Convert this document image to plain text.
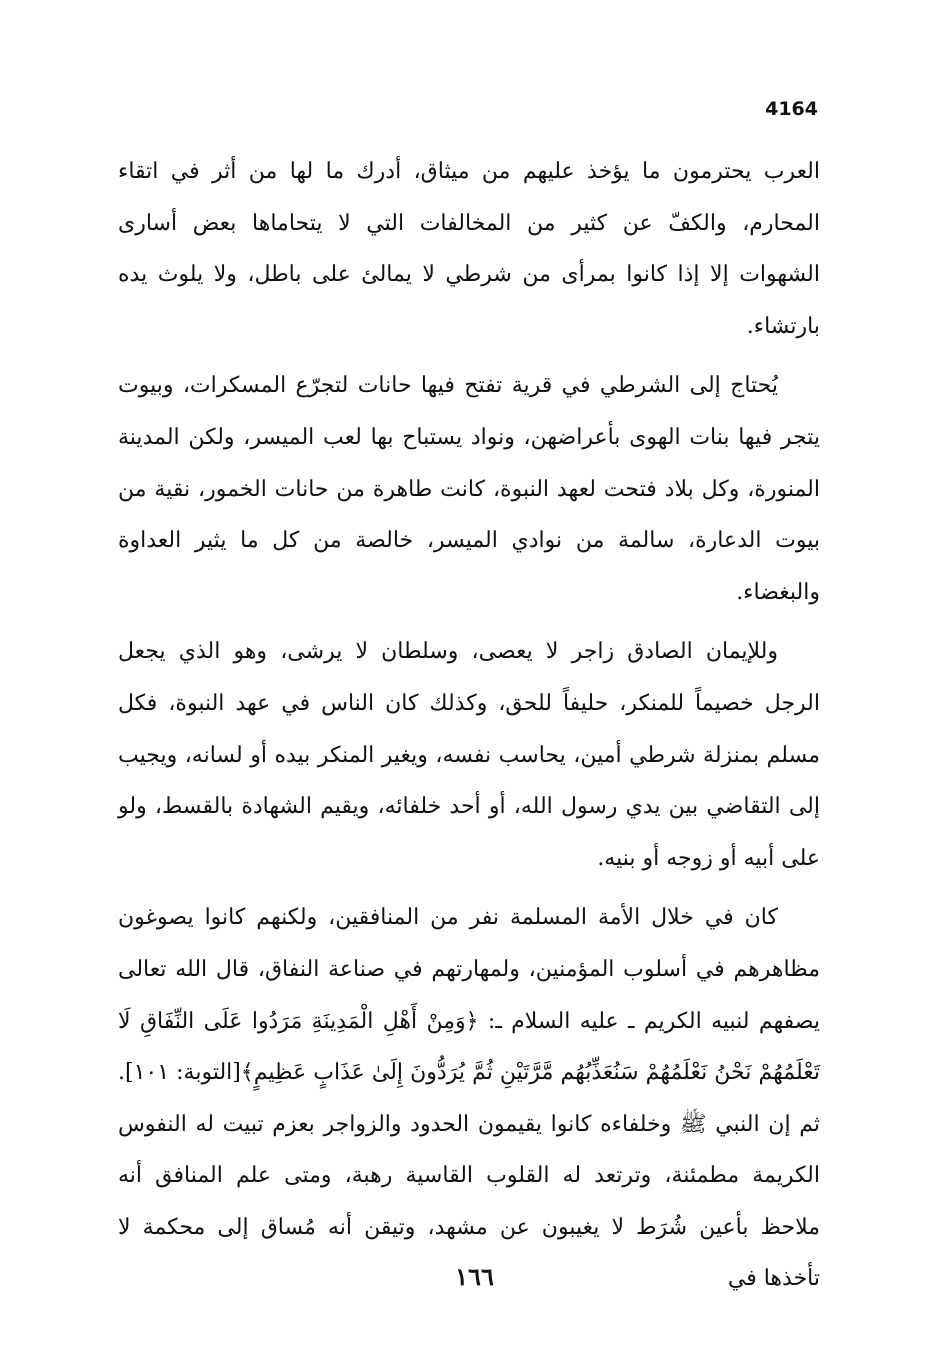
4164

العرب يحترمون ما يؤخذ عليهم من ميثاق، أدرك ما لها من أثر في اتقاء المحارم، والكفّ عن كثير من المخالفات التي لا يتحاماها بعض أسارى الشهوات إلا إذا كانوا بمرأى من شرطي لا يمالئ على باطل، ولا يلوث يده بارتشاء.

يُحتاج إلى الشرطي في قرية تفتح فيها حانات لتجرّع المسكرات، وبيوت يتجر فيها بنات الهوى بأعراضهن، ونواد يستباح بها لعب الميسر، ولكن المدينة المنورة، وكل بلاد فتحت لعهد النبوة، كانت طاهرة من حانات الخمور، نقية من بيوت الدعارة، سالمة من نوادي الميسر، خالصة من كل ما يثير العداوة والبغضاء.

وللإيمان الصادق زاجر لا يعصى، وسلطان لا يرشى، وهو الذي يجعل الرجل خصيماً للمنكر، حليفاً للحق، وكذلك كان الناس في عهد النبوة، فكل مسلم بمنزلة شرطي أمين، يحاسب نفسه، ويغير المنكر بيده أو لسانه، ويجيب إلى التقاضي بين يدي رسول الله، أو أحد خلفائه، ويقيم الشهادة بالقسط، ولو على أبيه أو زوجه أو بنيه.

كان في خلال الأمة المسلمة نفر من المنافقين، ولكنهم كانوا يصوغون مظاهرهم في أسلوب المؤمنين، ولمهارتهم في صناعة النفاق، قال الله تعالى يصفهم لنبيه الكريم ـ عليه السلام ـ: ﴿وَمِنْ أَهْلِ الْمَدِينَةِ مَرَدُوا عَلَى النِّفَاقِ لَا تَعْلَمُهُمْ نَحْنُ نَعْلَمُهُمْ سَنُعَذِّبُهُم مَّرَّتَيْنِ ثُمَّ يُرَدُّونَ إِلَىٰ عَذَابٍ عَظِيمٍ﴾[التوبة: ١٠١]. ثم إن النبي ﷺ وخلفاءه كانوا يقيمون الحدود والزواجر بعزم تبيت له النفوس الكريمة مطمئنة، وترتعد له القلوب القاسية رهبة، ومتى علم المنافق أنه ملاحظ بأعين شُرَط لا يغيبون عن مشهد، وتيقن أنه مُساق إلى محكمة لا تأخذها في

١٦٦
